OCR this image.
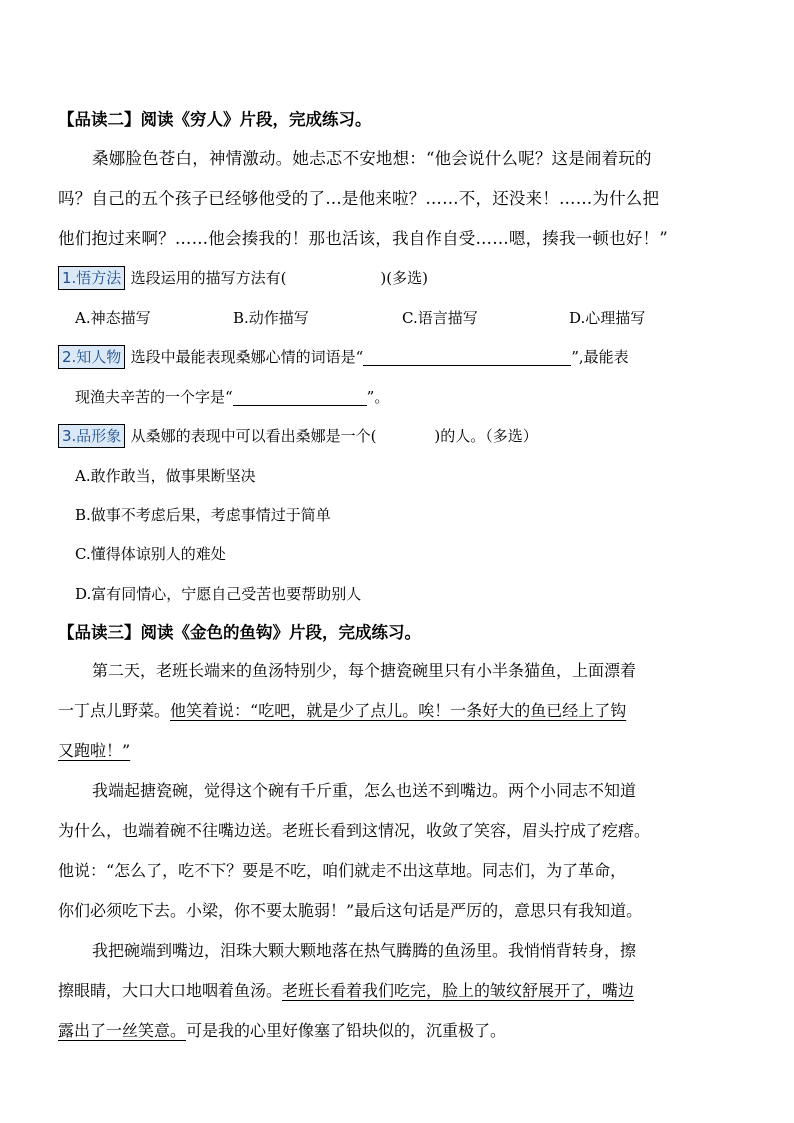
【品读二】阅读《穷人》片段，完成练习。
桑娜脸色苍白，神情激动。她忐忑不安地想：“他会说什么呢？这是闹着玩的
吗？自己的五个孩子已经够他受的了…是他来啦？……不，还没来！……为什么把
他们抱过来啊？……他会揍我的！那也活该，我自作自受……嗯，揍我一顿也好！”
1.悟方法 选段运用的描写方法有(	)(多选)
A.神态描写	B.动作描写	C.语言描写	D.心理描写
2.知人物 选段中最能表现桑娜心情的词语是“	”,最能表
现渔夫辛苦的一个字是“	”。
3.品形象 从桑娜的表现中可以看出桑娜是一个(	)的人。（多选）
A.敢作敢当，做事果断坚决
B.做事不考虑后果，考虑事情过于简单
C.懂得体谅别人的难处
D.富有同情心，宁愿自己受苦也要帮助别人
【品读三】阅读《金色的鱼钩》片段，完成练习。
第二天，老班长端来的鱼汤特别少，每个搪瓷碗里只有小半条猫鱼，上面漂着
一丁点儿野菜。他笑着说：“吃吧，就是少了点儿。唉！一条好大的鱼已经上了钩
又跑啦！”
我端起搪瓷碗，觉得这个碗有千斤重，怎么也送不到嘴边。两个小同志不知道
为什么，也端着碗不往嘴边送。老班长看到这情况，收敛了笑容，眉头拧成了疙瘩。
他说：“怎么了，吃不下？要是不吃，咱们就走不出这草地。同志们，为了革命，
你们必须吃下去。小梁，你不要太脆弱！”最后这句话是严厉的，意思只有我知道。
我把碗端到嘴边，泪珠大颗大颗地落在热气腾腾的鱼汤里。我悄悄背转身，擦
擦眼睛，大口大口地咽着鱼汤。老班长看着我们吃完，脸上的皱纹舒展开了，嘴边
露出了一丝笑意。可是我的心里好像塞了铅块似的，沉重极了。
